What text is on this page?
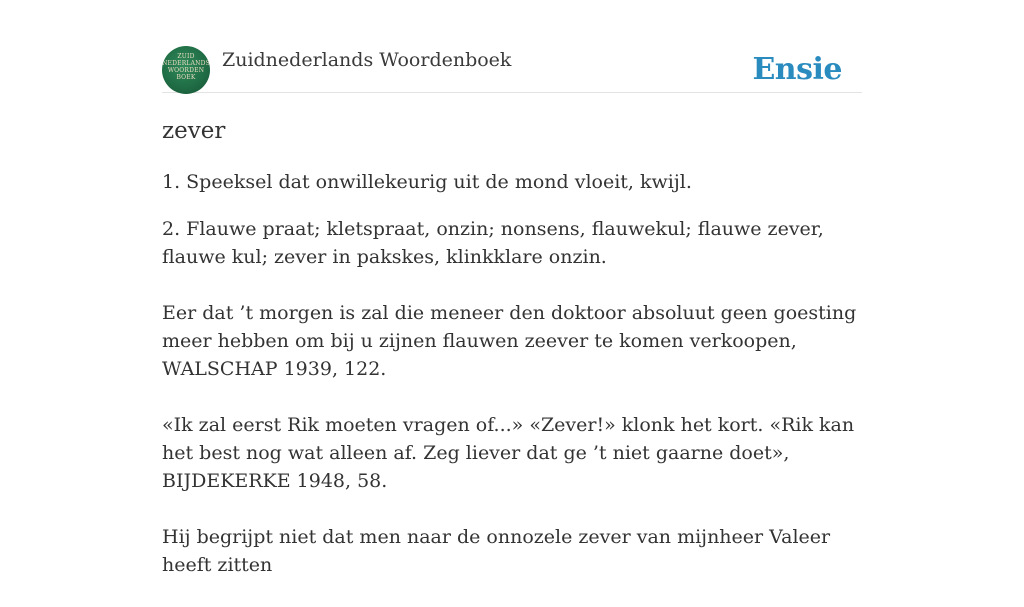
ZUID
NEDERLANDS
WOORDEN
BOEK
Zuidnederlands Woordenboek	Ensie
zever

1. Speeksel dat onwillekeurig uit de mond vloeit, kwijl.

2. Flauwe praat; kletspraat, onzin; nonsens, flauwekul; flauwe zever, flauwe kul; zever in pakskes, klinkklare onzin.

Eer dat ’t morgen is zal die meneer den doktoor absoluut geen goesting meer hebben om bij u zijnen flauwen zeever te komen verkoopen, WALSCHAP 1939, 122.

«Ik zal eerst Rik moeten vragen of...» «Zever!» klonk het kort. «Rik kan het best nog wat alleen af. Zeg liever dat ge ’t niet gaarne doet», BIJDEKERKE 1948, 58.

Hij begrijpt niet dat men naar de onnozele zever van mijnheer Valeer heeft zitten
